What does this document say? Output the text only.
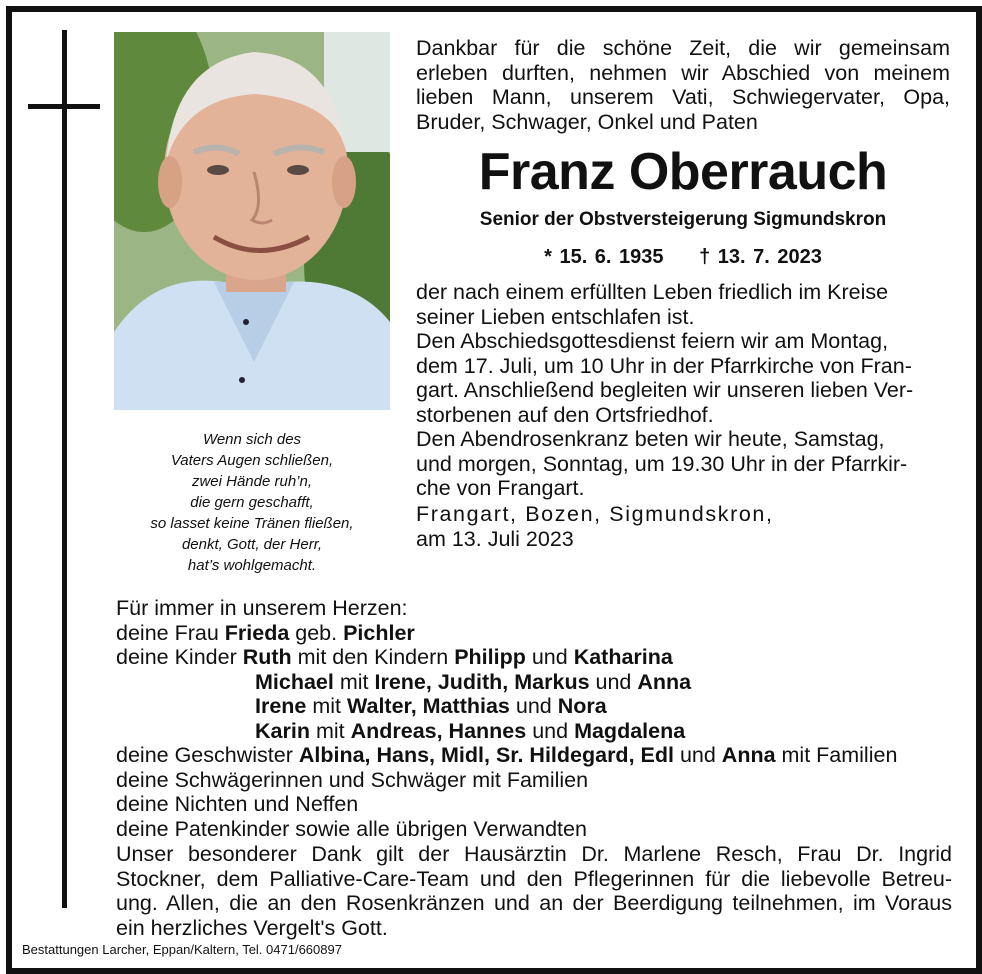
Wenn sich des
Vaters Augen schließen,
zwei Hände ruh’n,
die gern geschafft,
so lasset keine Tränen fließen,
denkt, Gott, der Herr,
hat’s wohlgemacht.
Dankbar für die schöne Zeit, die wir gemeinsam
erleben durften, nehmen wir Abschied von meinem
lieben Mann, unserem Vati, Schwiegervater, Opa,
Bruder, Schwager, Onkel und Paten
Franz Oberrauch
Senior der Obstversteigerung Sigmundskron
* 15. 6. 1935 † 13. 7. 2023
der nach einem erfüllten Leben friedlich im Kreise
seiner Lieben entschlafen ist.
Den Abschiedsgottesdienst feiern wir am Montag,
dem 17. Juli, um 10 Uhr in der Pfarrkirche von Fran-
gart. Anschließend begleiten wir unseren lieben Ver-
storbenen auf den Ortsfriedhof.
Den Abendrosenkranz beten wir heute, Samstag,
und morgen, Sonntag, um 19.30 Uhr in der Pfarrkir-
che von Frangart.
Frangart, Bozen, Sigmundskron,
am 13. Juli 2023
Für immer in unserem Herzen:
deine Frau Frieda geb. Pichler
deine Kinder Ruth mit den Kindern Philipp und Katharina
Michael mit Irene, Judith, Markus und Anna
Irene mit Walter, Matthias und Nora
Karin mit Andreas, Hannes und Magdalena
deine Geschwister Albina, Hans, Midl, Sr. Hildegard, Edl und Anna mit Familien
deine Schwägerinnen und Schwäger mit Familien
deine Nichten und Neffen
deine Patenkinder sowie alle übrigen Verwandten
Unser besonderer Dank gilt der Hausärztin Dr. Marlene Resch, Frau Dr. Ingrid
Stockner, dem Palliative-Care-Team und den Pflegerinnen für die liebevolle Betreu-
ung. Allen, die an den Rosenkränzen und an der Beerdigung teilnehmen, im Voraus
ein herzliches Vergelt's Gott.
Bestattungen Larcher, Eppan/Kaltern, Tel. 0471/660897
